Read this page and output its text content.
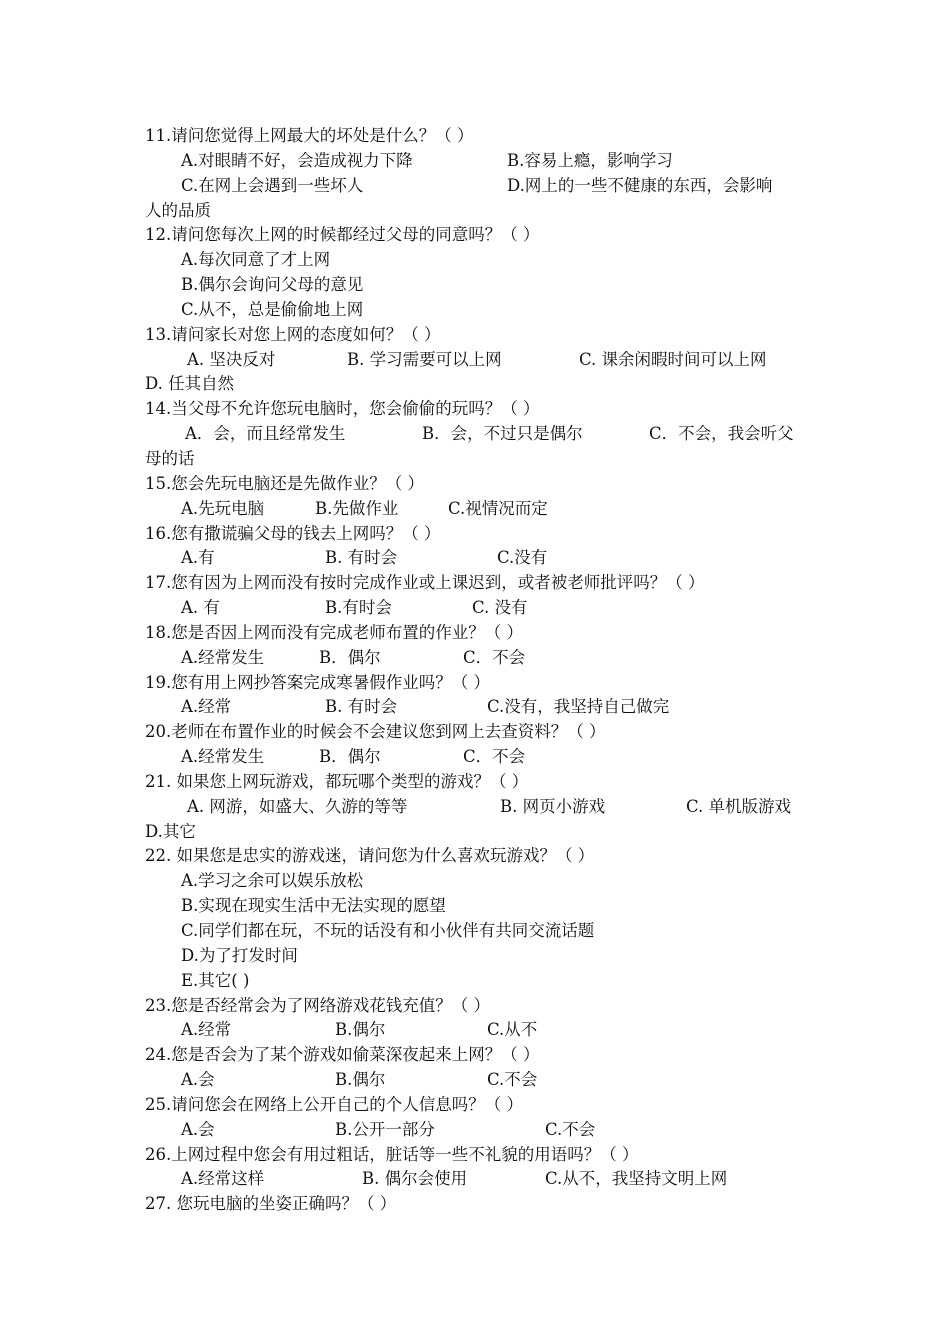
11.请问您觉得上网最大的坏处是什么？（ ）
A.对眼睛不好，会造成视力下降	B.容易上瘾，影响学习
C.在网上会遇到一些坏人	D.网上的一些不健康的东西，会影响
人的品质
12.请问您每次上网的时候都经过父母的同意吗？（ ）
A.每次同意了才上网
B.偶尔会询问父母的意见
C.从不，总是偷偷地上网
13.请问家长对您上网的态度如何？（ ）
A. 坚决反对	B. 学习需要可以上网	C. 课余闲暇时间可以上网
D. 任其自然
14.当父母不允许您玩电脑时，您会偷偷的玩吗？（ ）
A．会，而且经常发生	B．会，不过只是偶尔	C．不会，我会听父
母的话
15.您会先玩电脑还是先做作业？（ ）
A.先玩电脑	B.先做作业	C.视情况而定
16.您有撒谎骗父母的钱去上网吗？（ ）
A.有	B. 有时会	C.没有
17.您有因为上网而没有按时完成作业或上课迟到，或者被老师批评吗？（ ）
A. 有	B.有时会	C. 没有
18.您是否因上网而没有完成老师布置的作业？（ ）
A.经常发生	B．偶尔	C．不会
19.您有用上网抄答案完成寒暑假作业吗？（ ）
A.经常	B. 有时会	C.没有，我坚持自己做完
20.老师在布置作业的时候会不会建议您到网上去查资料？（ ）
A.经常发生	B．偶尔	C．不会
21. 如果您上网玩游戏，都玩哪个类型的游戏？（ ）
A. 网游，如盛大、久游的等等	B. 网页小游戏	C. 单机版游戏
D.其它
22. 如果您是忠实的游戏迷，请问您为什么喜欢玩游戏？（ ）
A.学习之余可以娱乐放松
B.实现在现实生活中无法实现的愿望
C.同学们都在玩，不玩的话没有和小伙伴有共同交流话题
D.为了打发时间
E.其它( )
23.您是否经常会为了网络游戏花钱充值？（ ）
A.经常	B.偶尔	C.从不
24.您是否会为了某个游戏如偷菜深夜起来上网？（ ）
A.会	B.偶尔	C.不会
25.请问您会在网络上公开自己的个人信息吗？（ ）
A.会	B.公开一部分	C.不会
26.上网过程中您会有用过粗话，脏话等一些不礼貌的用语吗？（ ）
A.经常这样	B. 偶尔会使用	C.从不，我坚持文明上网
27. 您玩电脑的坐姿正确吗？（ ）
